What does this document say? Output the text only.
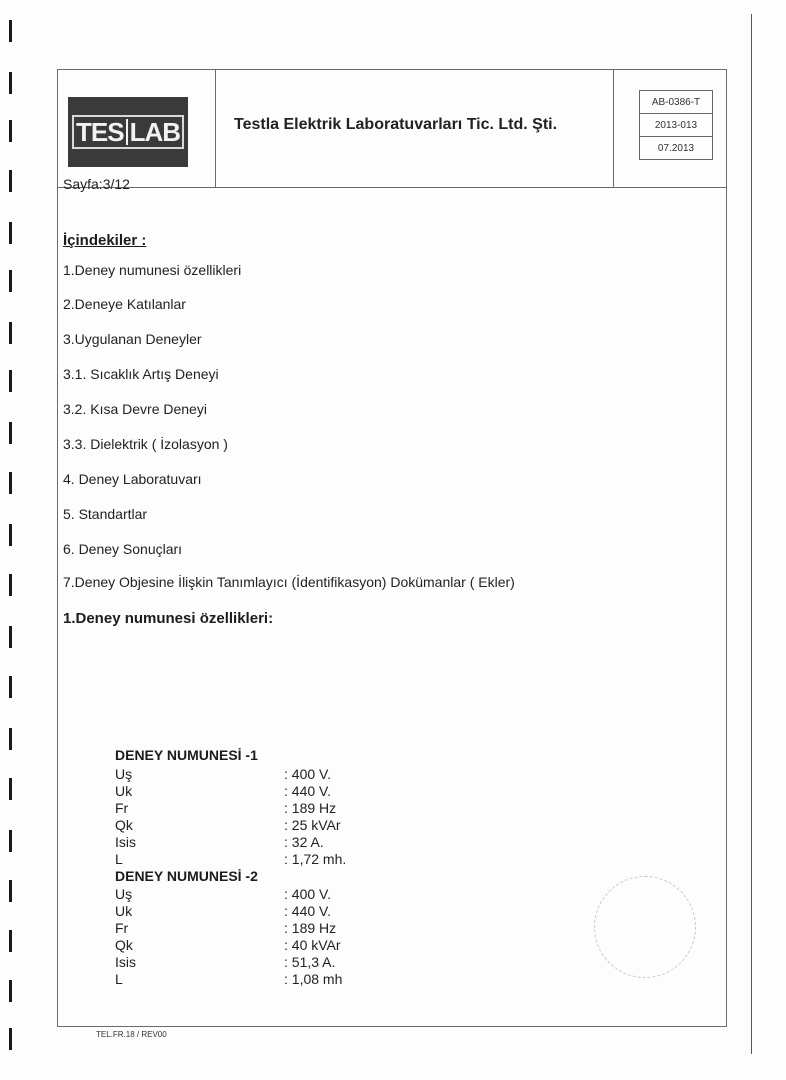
TES LAB
Sayfa:3/12
Testla Elektrik Laboratuvarları Tic. Ltd. Şti.
AB-0386-T
2013-013
07.2013
İçindekiler :
1.Deney numunesi özellikleri
2.Deneye Katılanlar
3.Uygulanan Deneyler
3.1. Sıcaklık Artış Deneyi
3.2. Kısa Devre Deneyi
3.3. Dielektrik ( İzolasyon )
4. Deney Laboratuvarı
5. Standartlar
6. Deney Sonuçları
7.Deney Objesine İlişkin Tanımlayıcı (İdentifikasyon) Dokümanlar ( Ekler)
1.Deney numunesi özellikleri:
DENEY NUMUNESİ -1
Uş	: 400 V.
Uk	: 440 V.
Fr	: 189 Hz
Qk	: 25 kVAr
Isis	: 32 A.
L	: 1,72 mh.
DENEY NUMUNESİ -2
Uş	: 400 V.
Uk	: 440 V.
Fr	: 189 Hz
Qk	: 40 kVAr
Isis	: 51,3 A.
L	: 1,08 mh
TEL.FR.18 / REV00
